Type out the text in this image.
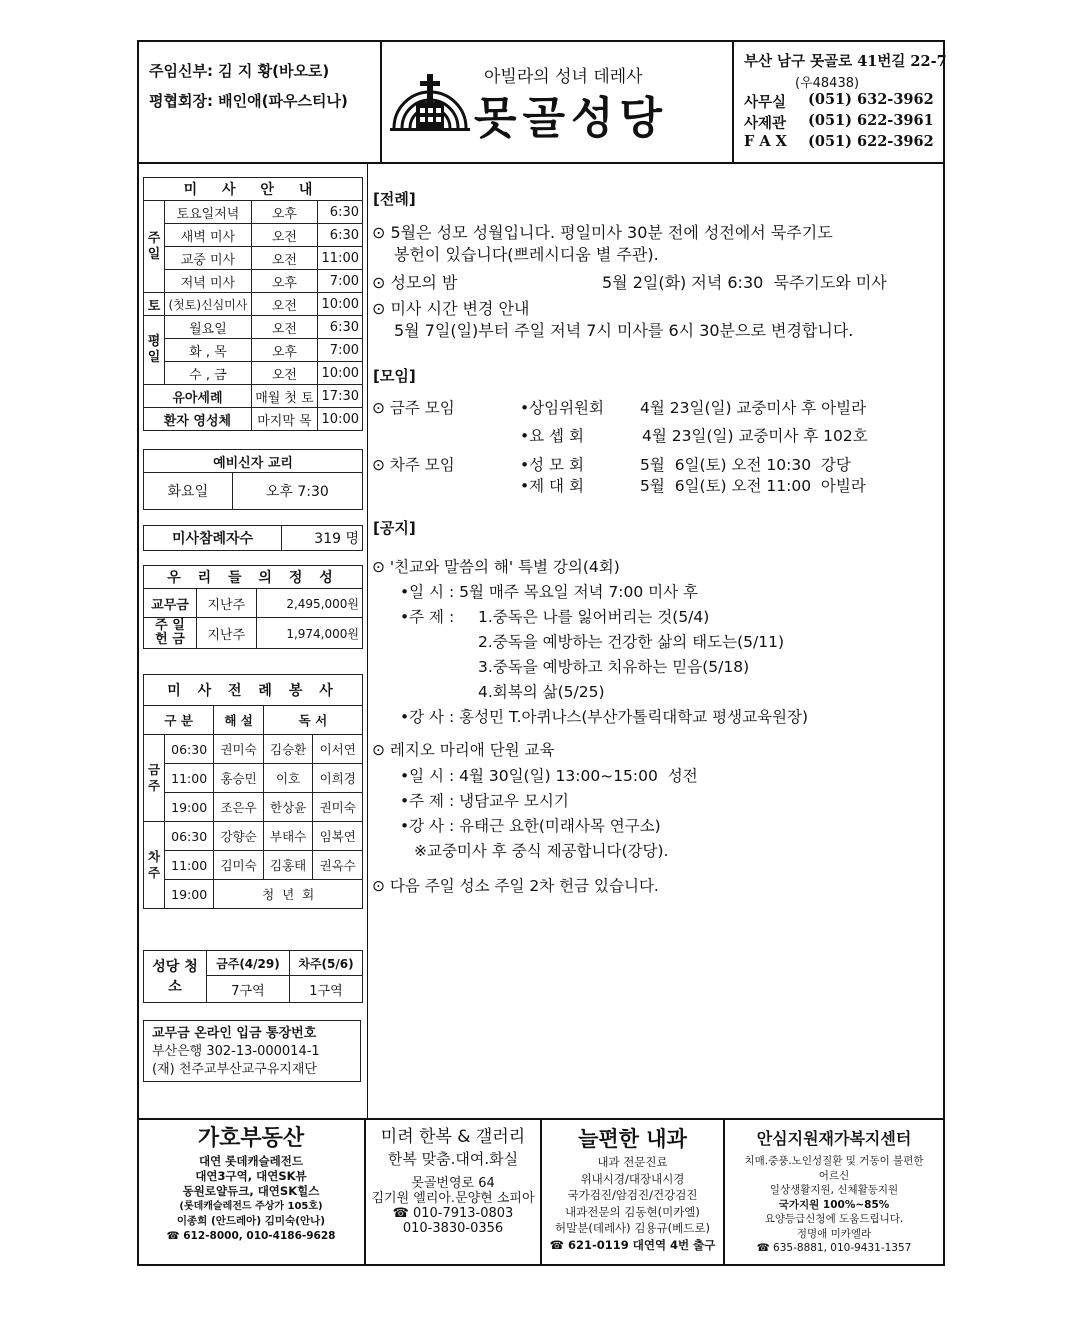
주임신부: 김 지 황(바오로)
평협회장: 배인애(파우스티나)
아빌라의 성녀 데레사
못골성당
부산 남구 못골로 41번길 22-7
(우48438)
사무실 (051) 632-3962
사제관 (051) 622-3961
F A X (051) 622-3962
미 사 안 내			
주일	토요일저녁	오후	6:30
	새벽 미사	오전	6:30
	교중 미사	오전	11:00
	저녁 미사	오후	7:00
토	(첫토)신심미사	오전	10:00
평일	월요일	오전	6:30
	화 , 목	오후	7:00
	수 , 금	오전	10:00
유아세례		매월 첫 토	17:30
환자 영성체		마지막 목	10:00
예비신자 교리
화요일	오후 7:30
미사참례자수	319 명
우 리 들 의 정 성		
교무금	지난주	2,495,000원
주 일 헌 금	지난주	1,974,000원
미 사 전 례 봉 사				
구 분		해 설	독 서	
금주	06:30	권미숙	김승환	이서연
	11:00	홍승민	이호	이희경
	19:00	조은우	한상윤	권미숙
차주	06:30	강향순	부태수	임복연
	11:00	김미숙	김홍태	권옥수
	19:00	청  년  회		
성당 청소	금주(4/29)	차주(5/6)
	7구역	1구역
교무금 온라인 입금 통장번호
부산은행 302-13-000014-1
(재) 천주교부산교구유지재단
[전례]
⊙ 5월은 성모 성월입니다. 평일미사 30분 전에 성전에서 묵주기도
봉헌이 있습니다(쁘레시디움 별 주관).
⊙ 성모의 밤	5월 2일(화) 저녁 6:30  묵주기도와 미사
⊙ 미사 시간 변경 안내
5월 7일(일)부터 주일 저녁 7시 미사를 6시 30분으로 변경합니다.
[모임]
⊙ 금주 모임	•상임위원회 4월 23일(일) 교중미사 후 아빌라
•요 셉 회	4월 23일(일) 교중미사 후 102호
⊙ 차주 모임	•성 모 회	5월  6일(토) 오전 10:30  강당
•제 대 회	5월  6일(토) 오전 11:00  아빌라
[공지]
⊙ '친교와 말씀의 해' 특별 강의(4회)
•일 시 : 5월 매주 목요일 저녁 7:00 미사 후
•주 제 : 1.중독은 나를 잃어버리는 것(5/4)
2.중독을 예방하는 건강한 삶의 태도는(5/11)
3.중독을 예방하고 치유하는 믿음(5/18)
4.회복의 삶(5/25)
•강 사 : 홍성민 T.아퀴나스(부산가톨릭대학교 평생교육원장)
⊙ 레지오 마리애 단원 교육
•일 시 : 4월 30일(일) 13:00~15:00  성전
•주 제 : 냉담교우 모시기
•강 사 : 유태근 요한(미래사목 연구소)
※교중미사 후 중식 제공합니다(강당).
⊙ 다음 주일 성소 주일 2차 헌금 있습니다.
가호부동산
대연 롯데캐슬레전드
대연3구역, 대연SK뷰
동원로얄듀크, 대연SK힐스
(롯데캐슬레전드 주상가 105호)
이종희 (안드레아) 김미숙(안나)
☎ 612-8000, 010-4186-9628
미려 한복 & 갤러리
한복 맞춤.대여.화실
못골번영로 64
김기원 엘리아.문양현 소피아
☎ 010-7913-0803
010-3830-0356
늘편한 내과
내과 전문진료
위내시경/대장내시경
국가검진/암검진/건강검진
내과전문의 김동현(미카엘)
허말분(데레사) 김용규(베드로)
☎ 621-0119 대연역 4번 출구
안심지원재가복지센터
치매.중풍.노인성질환 및 거동이 불편한
어르신
일상생활지원, 신체활동지원
국가지원 100%~85%
요양등급신청에 도움드립니다.
정명애 미카엘라
☎ 635-8881, 010-9431-1357
